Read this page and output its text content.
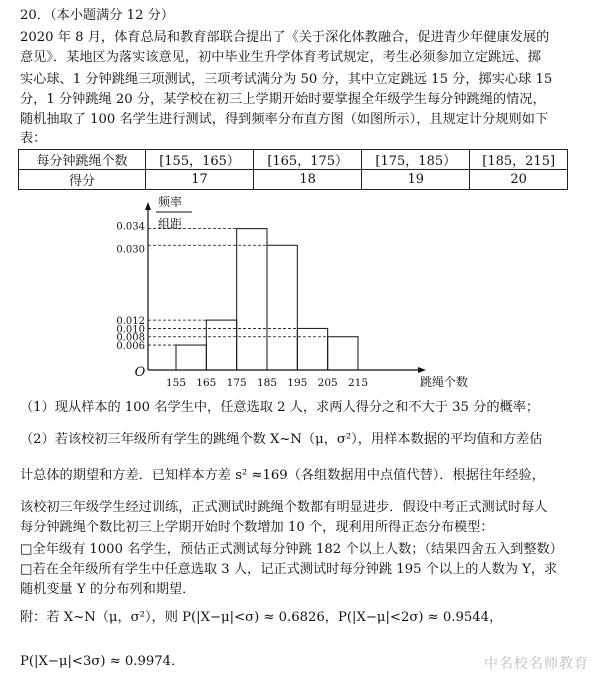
20．（本小题满分 12 分）
2020 年 8 月，体育总局和教育部联合提出了《关于深化体教融合，促进青少年健康发展的
意见》．某地区为落实该意见，初中毕业生升学体育考试规定，考生必须参加立定跳远、掷
实心球、1 分钟跳绳三项测试，三项考试满分为 50 分，其中立定跳远 15 分，掷实心球 15
分，1 分钟跳绳 20 分，某学校在初三上学期开始时要掌握全年级学生每分钟跳绳的情况，
随机抽取了 100 名学生进行测试，得到频率分布直方图（如图所示），且规定计分规则如下
表：
每分钟跳绳个数	[155，165）	[165，175）	[175，185）	[185，215]
得分	17	18	19	20
频率
组距
0.034
0.030
0.012
0.010
0.008
0.006
155 165 175 185 195 205 215
O
跳绳个数
（1）现从样本的 100 名学生中，任意选取 2 人，求两人得分之和不大于 35 分的概率；
（2）若该校初三年级所有学生的跳绳个数 X~N（μ，σ²），用样本数据的平均值和方差估
计总体的期望和方差．已知样本方差 s² ≈169（各组数据用中点值代替）．根据往年经验，
该校初三年级学生经过训练，正式测试时跳绳个数都有明显进步．假设中考正式测试时每人
每分钟跳绳个数比初三上学期开始时个数增加 10 个，现利用所得正态分布模型：
□全年级有 1000 名学生，预估正式测试每分钟跳 182 个以上人数；（结果四舍五入到整数）
□若在全年级所有学生中任意选取 3 人，记正式测试时每分钟跳 195 个以上的人数为 Y，求
随机变量 Y 的分布列和期望．
附：若 X~N（μ，σ²），则 P(|X−μ|<σ) ≈ 0.6826，P(|X−μ|<2σ) ≈ 0.9544，
P(|X−μ|<3σ) ≈ 0.9974．	中名校名师教育
